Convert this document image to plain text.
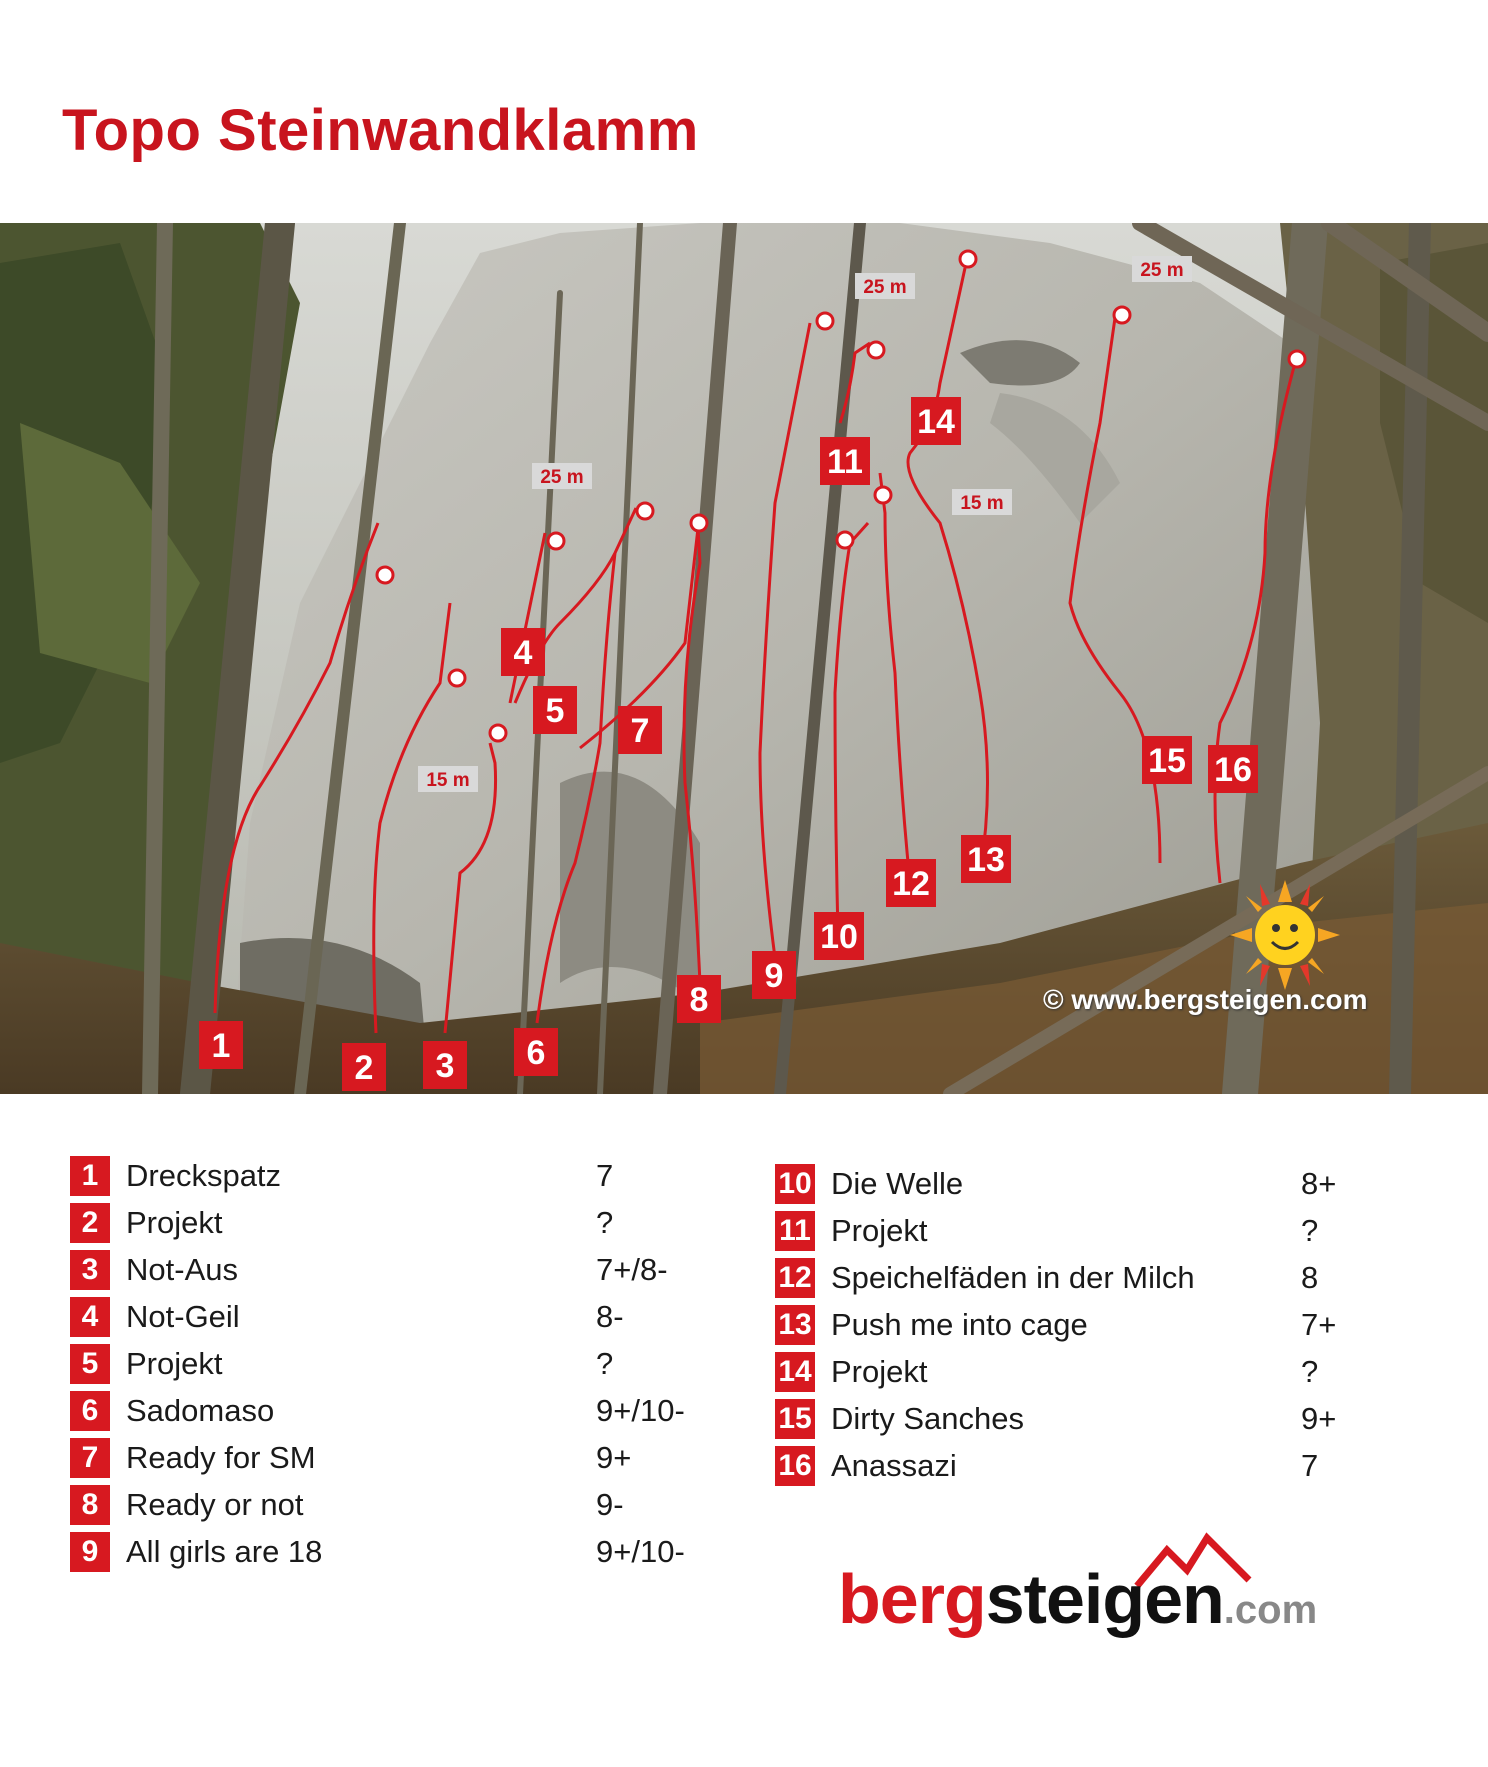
Topo Steinwandklamm
1
2 3
4
5
6
7
8
9
10
11
12
13
14
15 16
25 m
25 m
25 m
15 m
15 m
© www.bergsteigen.com
1 Dreckspatz	7
2 Projekt	?
3 Not-Aus	7+/8-
4 Not-Geil	8-
5 Projekt	?
6 Sadomaso	9+/10-
7 Ready for SM	9+
8 Ready or not	9-
9 All girls are 18	9+/10-
10 Die Welle	8+
11 Projekt	?
12 Speichelfäden in der Milch	8
13 Push me into cage	7+
14 Projekt	?
15 Dirty Sanches	9+
16 Anassazi	7
bergsteigen.com
